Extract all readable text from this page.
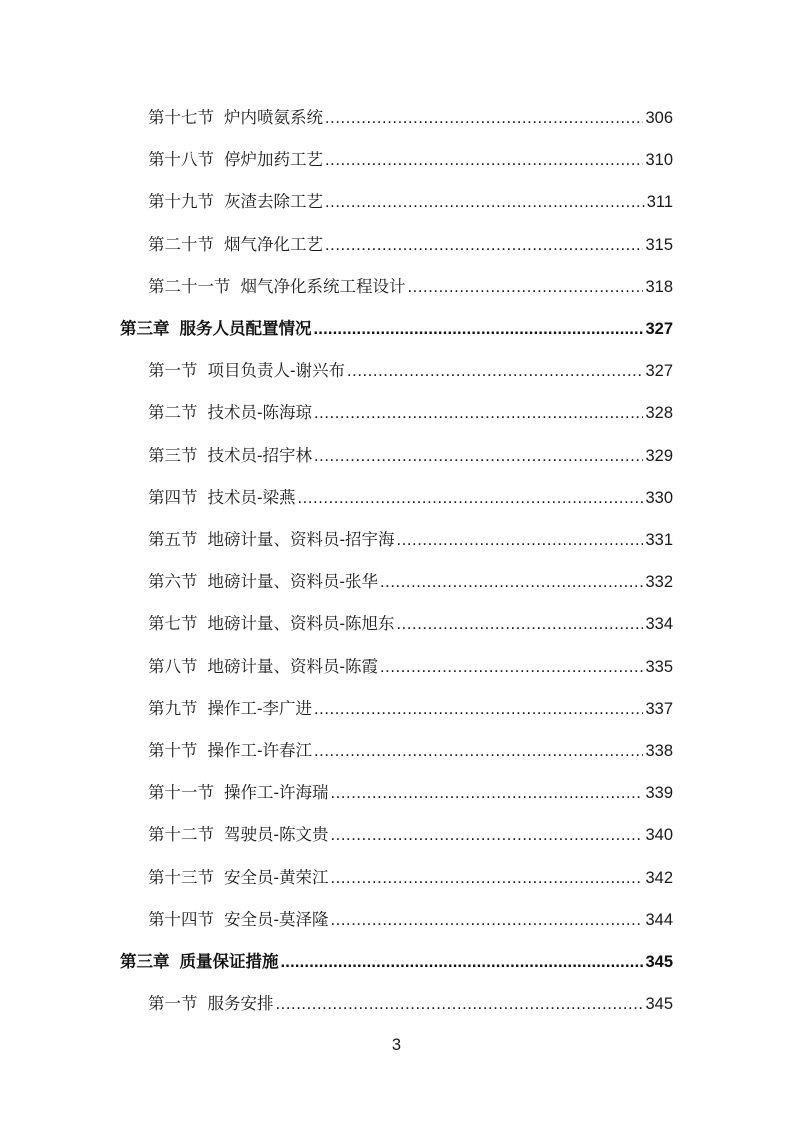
第十七节 炉内喷氨系统 .....	306
第十八节 停炉加药工艺 .....	310
第十九节 灰渣去除工艺 .....	311
第二十节 烟气净化工艺 .....	315
第二十一节 烟气净化系统工程设计 .....	318
第三章 服务人员配置情况 .....	327
第一节 项目负责人-谢兴布 .....	327
第二节 技术员-陈海琼 .....	328
第三节 技术员-招宇林 .....	329
第四节 技术员-梁燕 .....	330
第五节 地磅计量、资料员-招宇海 .....	331
第六节 地磅计量、资料员-张华 .....	332
第七节 地磅计量、资料员-陈旭东 .....	334
第八节 地磅计量、资料员-陈霞 .....	335
第九节 操作工-李广进 .....	337
第十节 操作工-许春江 .....	338
第十一节 操作工-许海瑞 .....	339
第十二节 驾驶员-陈文贵 .....	340
第十三节 安全员-黄荣江 .....	342
第十四节 安全员-莫泽隆 .....	344
第三章 质量保证措施 .....	345
第一节 服务安排 .....	345
3
